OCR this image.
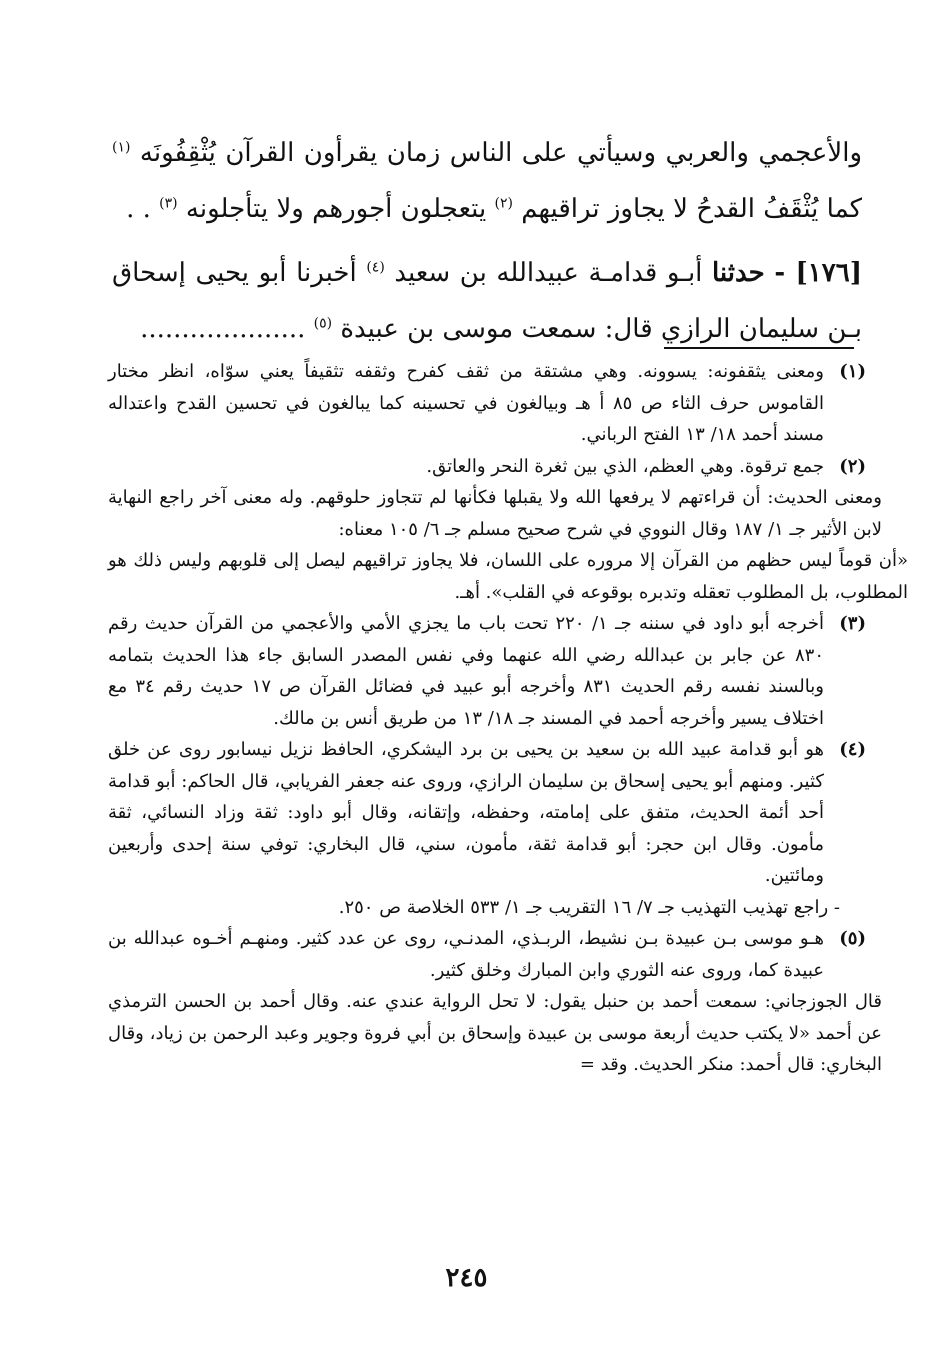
والأعجمي والعربي وسيأتي على الناس زمان يقرأون القرآن يُثْقِفُونَه $^{(١)}$ كما يُثْقَفُ القدحُ لا يجاوز تراقيهم $^{(٢)}$ يتعجلون أجورهم ولا يتأجلونه $^{(٣)}$ . .

[١٧٦] - حدثنا أبـو قدامـة عبيدالله بن سعيد $^{(٤)}$ أخبرنا أبو يحيى إسحاق بـن سليمان الرازي قال: سمعت موسى بن عبيدة $^{(٥)}$ ....................

(١)

ومعنى يثقفونه: يسوونه. وهي مشتقة من ثقف كفرح وثقفه تثقيفاً يعني سوّاه، انظر مختار القاموس حرف الثاء ص ٨٥ أ هـ وبيالغون في تحسينه كما يبالغون في تحسين القدح واعتداله مسند أحمد ١٨/ ١٣ الفتح الرباني.

(٢)

جمع ترقوة. وهي العظم، الذي بين ثغرة النحر والعاتق.

ومعنى الحديث: أن قراءتهم لا يرفعها الله ولا يقبلها فكأنها لم تتجاوز حلوقهم. وله معنى آخر راجع النهاية لابن الأثير جـ ١/ ١٨٧ وقال النووي في شرح صحيح مسلم جـ ٦/ ١٠٥ معناه:

«أن قوماً ليس حظهم من القرآن إلا مروره على اللسان، فلا يجاوز تراقيهم ليصل إلى قلوبهم وليس ذلك هو المطلوب، بل المطلوب تعقله وتدبره بوقوعه في القلب». أهـ.

(٣)

أخرجه أبو داود في سننه جـ ١/ ٢٢٠ تحت باب ما يجزي الأمي والأعجمي من القرآن حديث رقم ٨٣٠ عن جابر بن عبدالله رضي الله عنهما وفي نفس المصدر السابق جاء هذا الحديث بتمامه وبالسند نفسه رقم الحديث ٨٣١ وأخرجه أبو عبيد في فضائل القرآن ص ١٧ حديث رقم ٣٤ مع اختلاف يسير وأخرجه أحمد في المسند جـ ١٨/ ١٣ من طريق أنس بن مالك.

(٤)

هو أبو قدامة عبيد الله بن سعيد بن يحيى بن برد اليشكري، الحافظ نزيل نيسابور روى عن خلق كثير. ومنهم أبو يحيى إسحاق بن سليمان الرازي، وروى عنه جعفر الفريابي، قال الحاكم: أبو قدامة أحد أئمة الحديث، متفق على إمامته، وحفظه، وإتقانه، وقال أبو داود: ثقة وزاد النسائي، ثقة مأمون. وقال ابن حجر: أبو قدامة ثقة، مأمون، سني، قال البخاري: توفي سنة إحدى وأربعين ومائتين.

- راجع تهذيب التهذيب جـ ٧/ ١٦ التقريب جـ ١/ ٥٣٣ الخلاصة ص ٢٥٠.

(٥)

هـو موسى بـن عبيدة بـن نشيط، الربـذي، المدنـي، روى عن عدد كثير. ومنهـم أخـوه عبدالله بن عبيدة كما، وروى عنه الثوري وابن المبارك وخلق كثير.

قال الجوزجاني: سمعت أحمد بن حنبل يقول: لا تحل الرواية عندي عنه. وقال أحمد بن الحسن الترمذي عن أحمد «لا يكتب حديث أربعة موسى بن عبيدة وإسحاق بن أبي فروة وجوير وعبد الرحمن بن زياد، وقال البخاري: قال أحمد: منكر الحديث. وقد =

٢٤٥
